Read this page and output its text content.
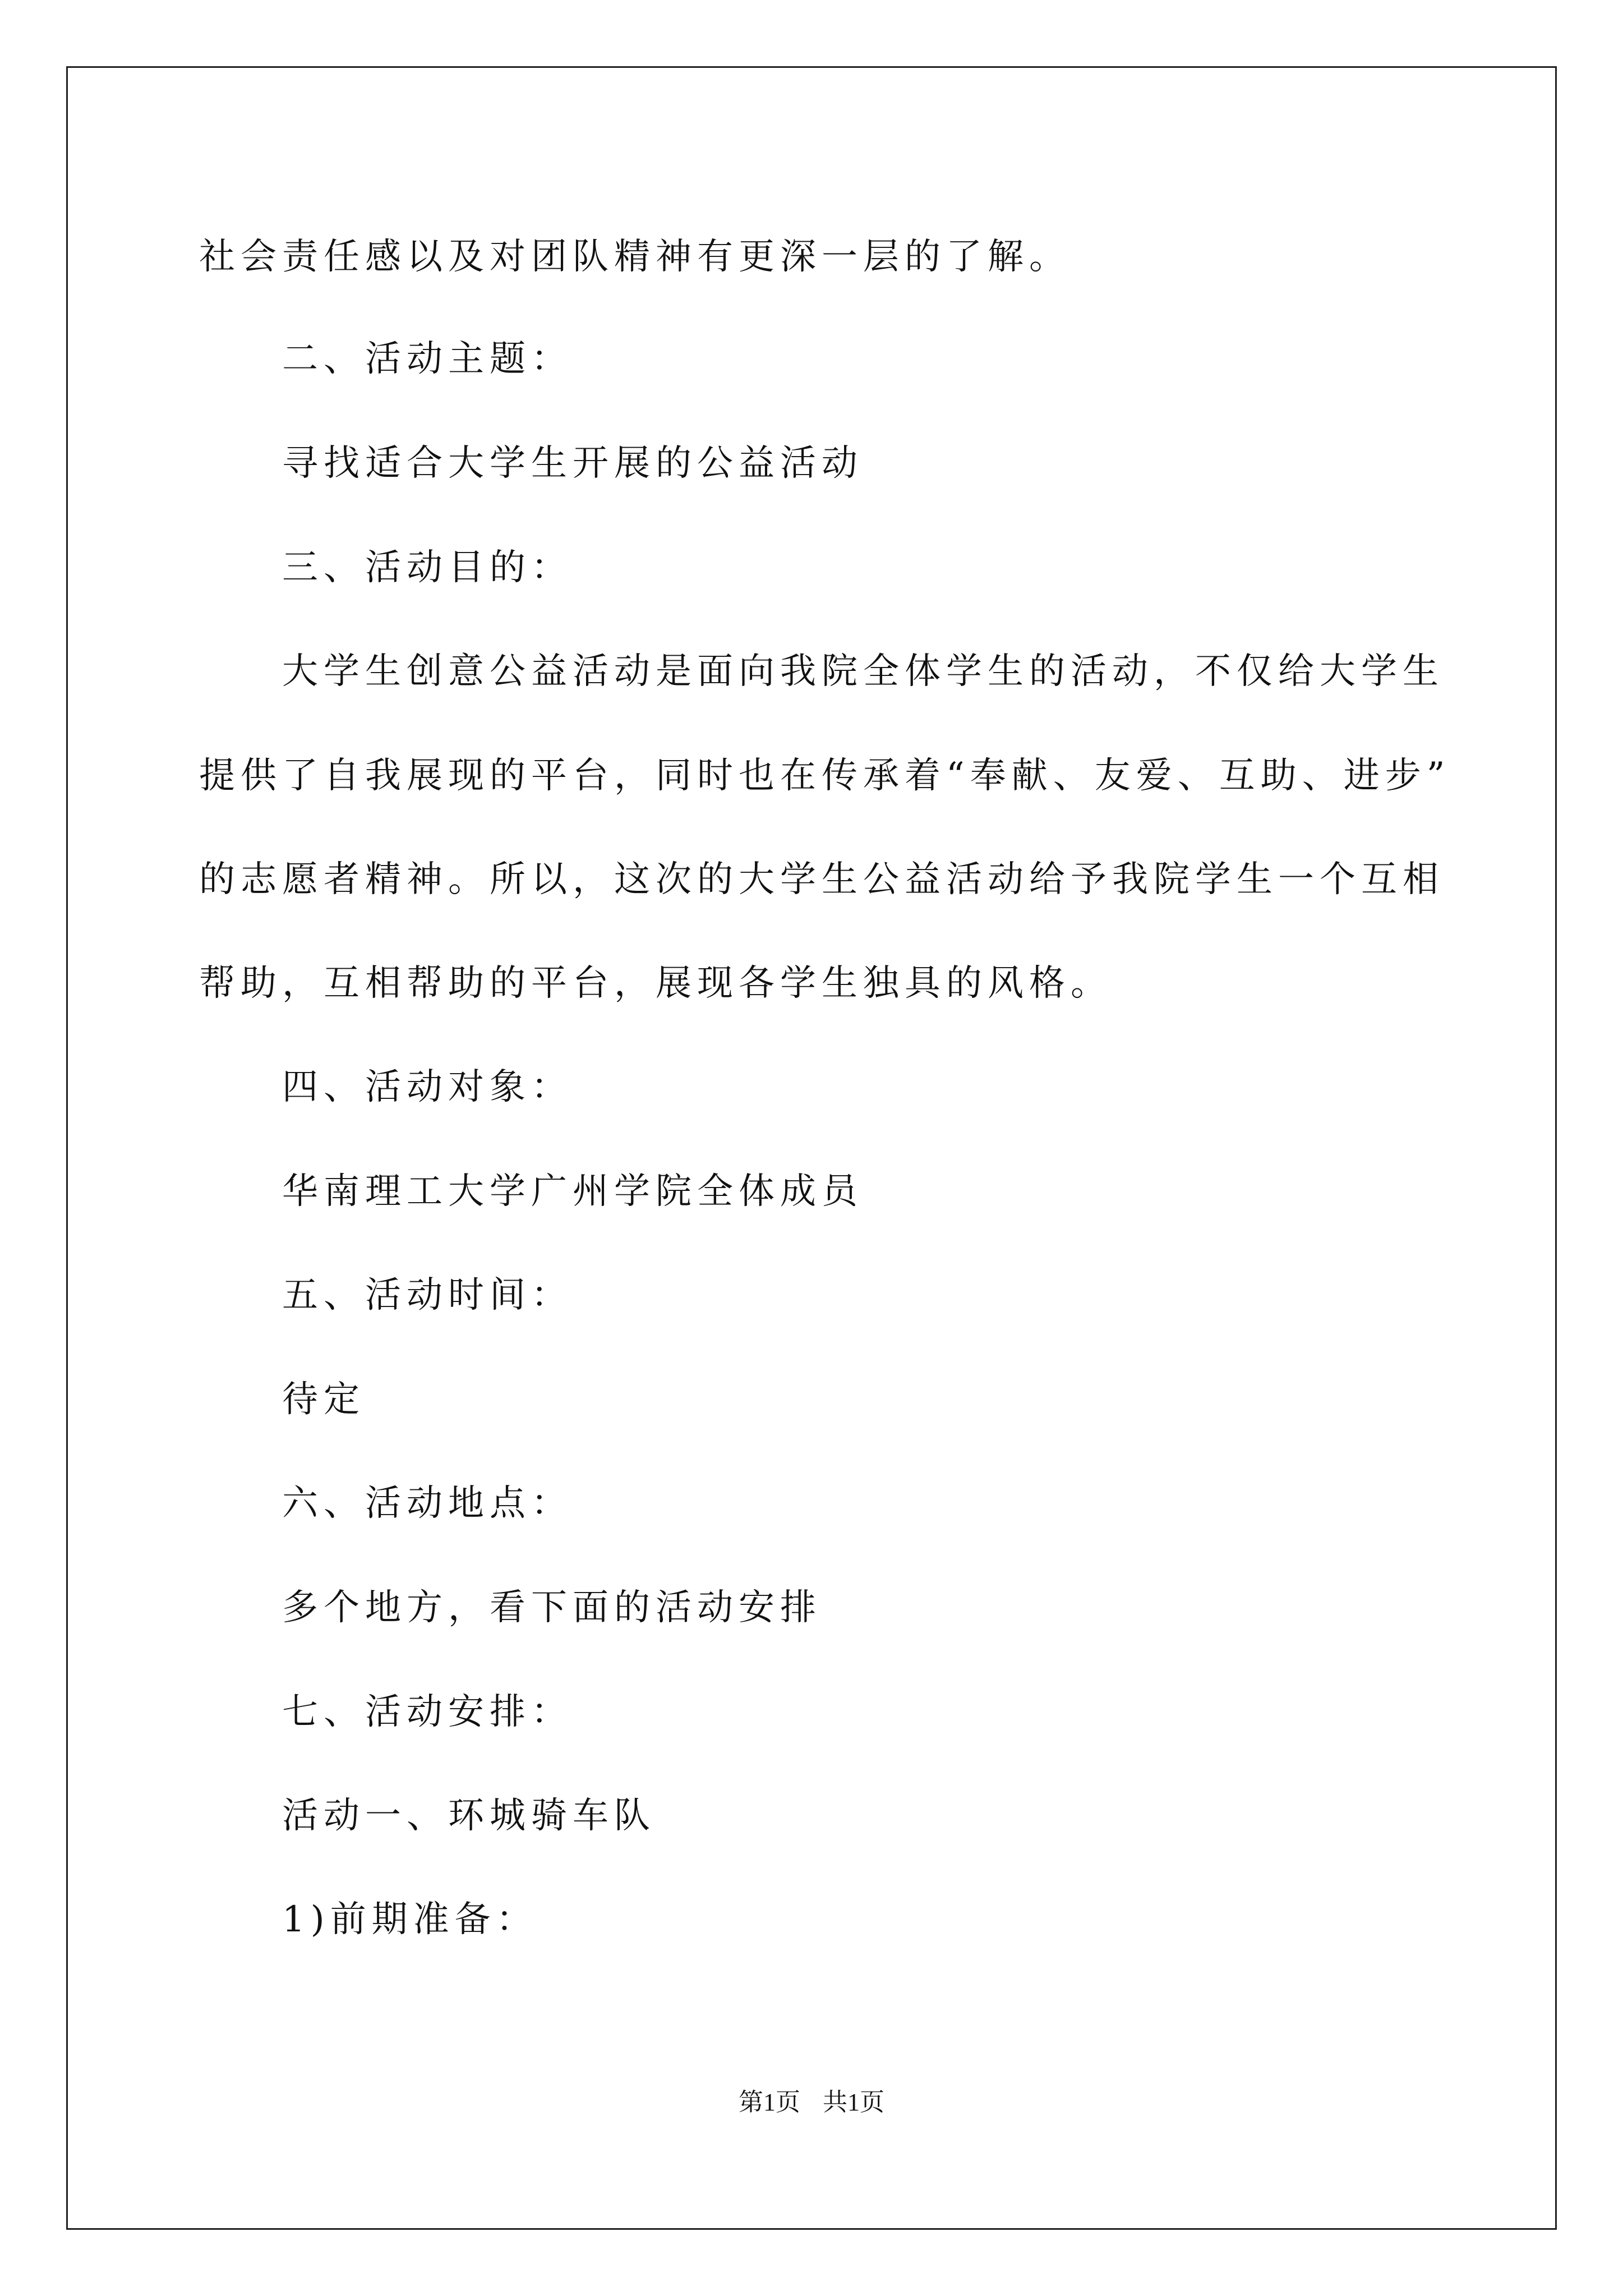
社会责任感以及对团队精神有更深一层的了解。
二、活动主题：
寻找适合大学生开展的公益活动
三、活动目的：
大学生创意公益活动是面向我院全体学生的活动，不仅给大学生
提供了自我展现的平台，同时也在传承着“奉献、友爱、互助、进步”
的志愿者精神。所以，这次的大学生公益活动给予我院学生一个互相
帮助，互相帮助的平台，展现各学生独具的风格。
四、活动对象：
华南理工大学广州学院全体成员
五、活动时间：
待定
六、活动地点：
多个地方，看下面的活动安排
七、活动安排：
活动一、环城骑车队
1)前期准备：
第1页 共1页
